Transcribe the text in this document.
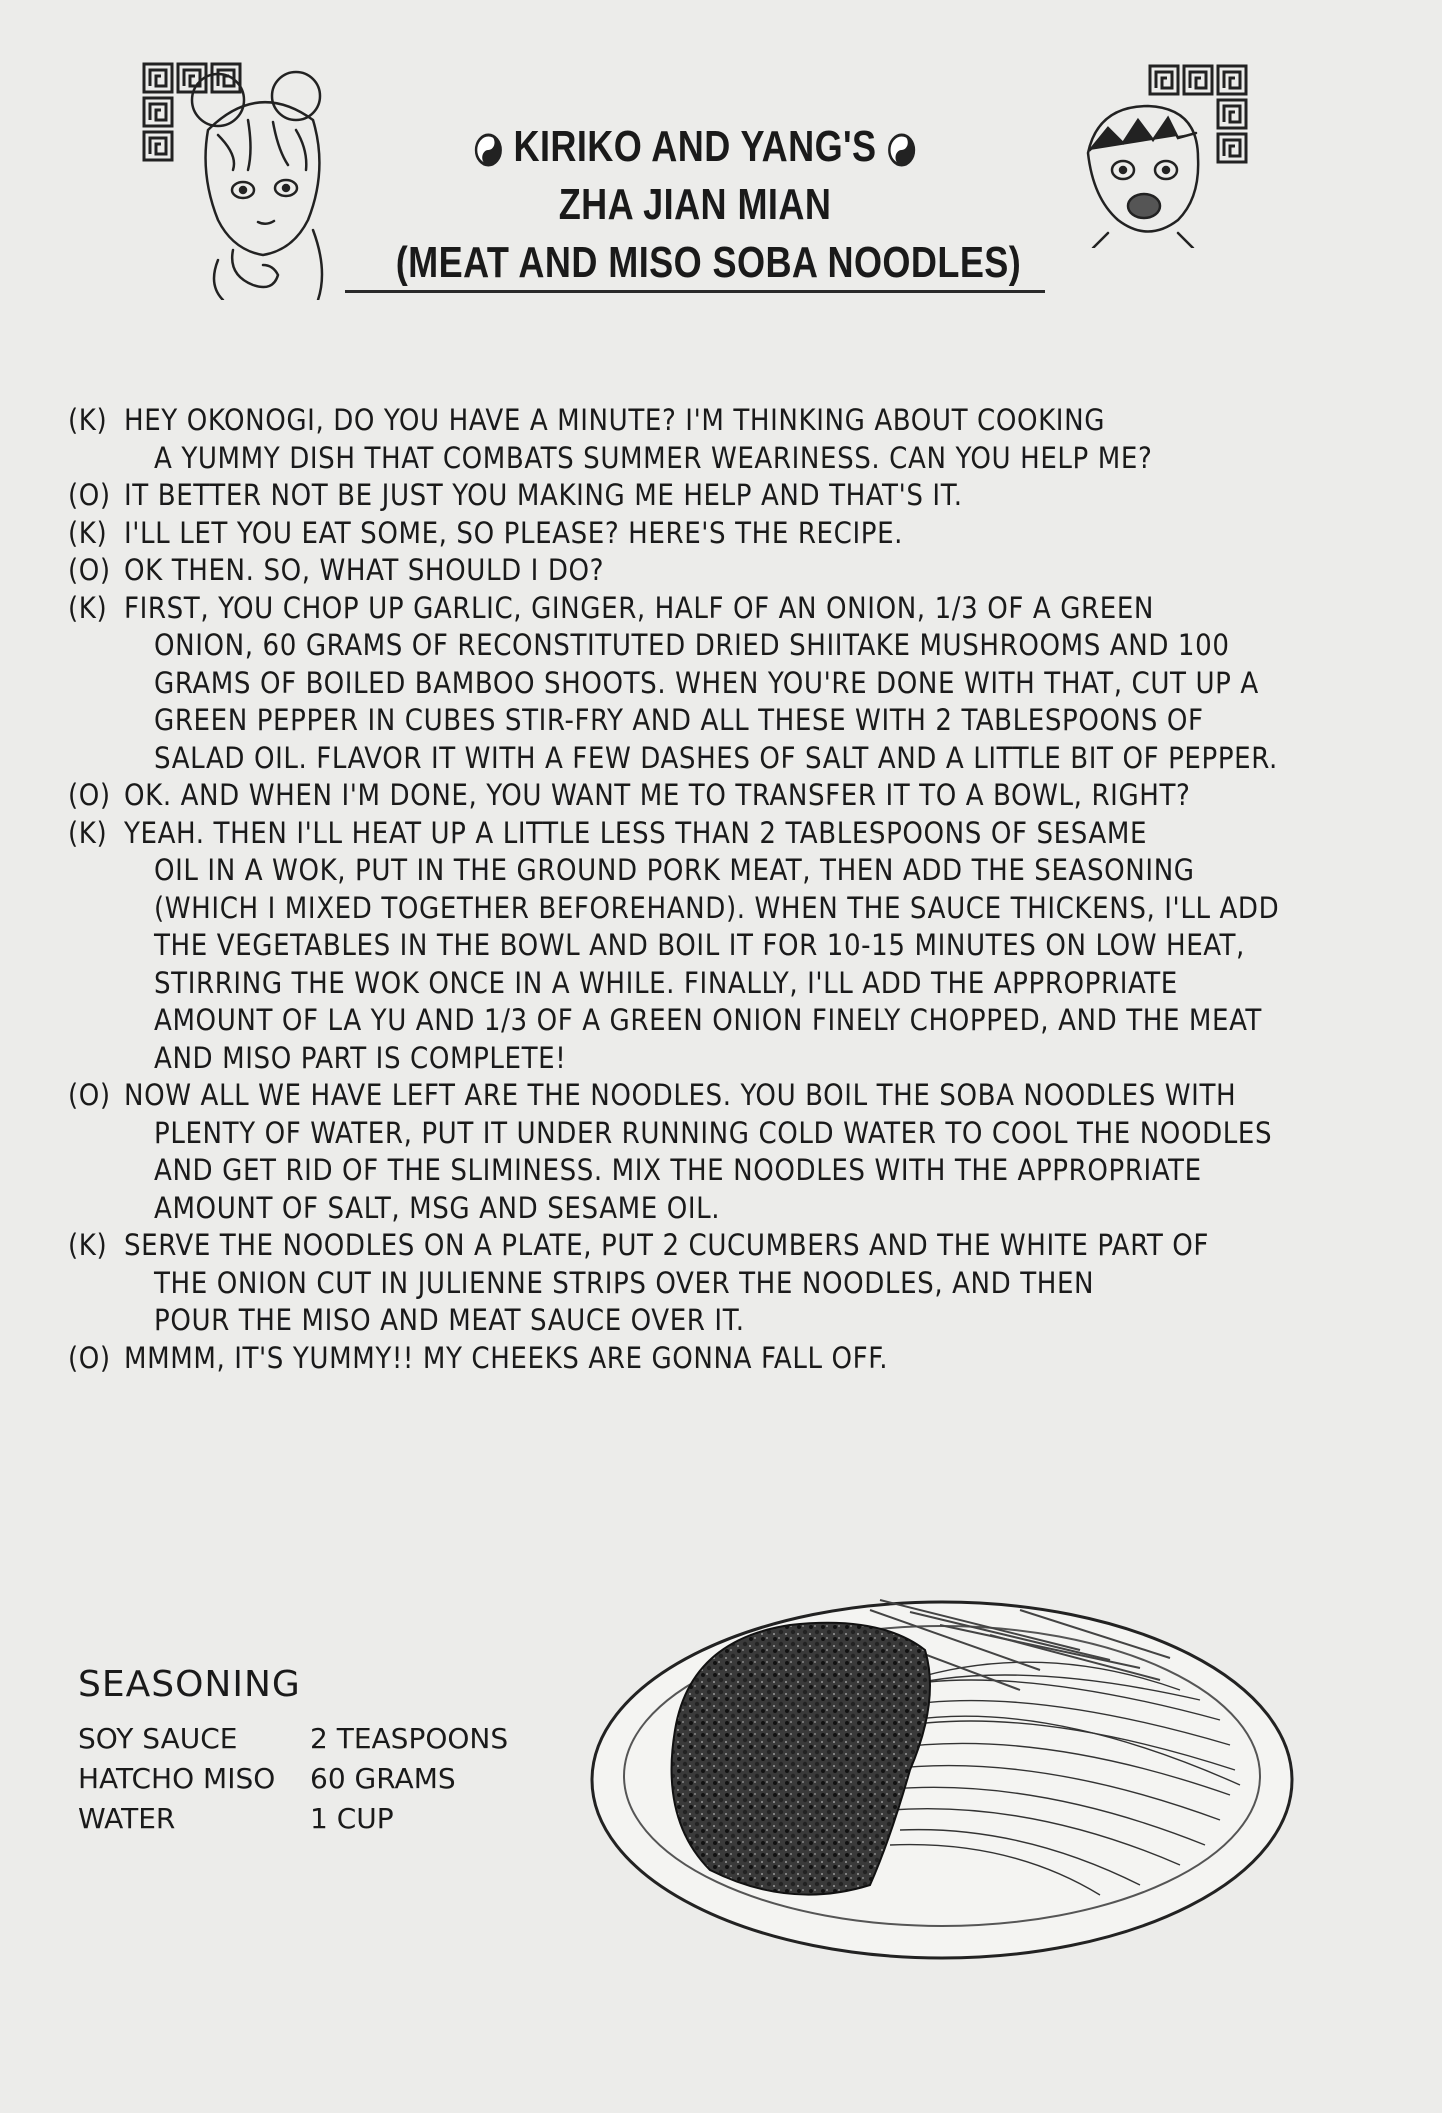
KIRIKO AND YANG'S
ZHA JIAN MIAN
(MEAT AND MISO SOBA NOODLES)
(K) HEY OKONOGI, DO YOU HAVE A MINUTE? I'M THINKING ABOUT COOKING
A YUMMY DISH THAT COMBATS SUMMER WEARINESS. CAN YOU HELP ME?
(O) IT BETTER NOT BE JUST YOU MAKING ME HELP AND THAT'S IT.
(K) I'LL LET YOU EAT SOME, SO PLEASE? HERE'S THE RECIPE.
(O) OK THEN. SO, WHAT SHOULD I DO?
(K) FIRST, YOU CHOP UP GARLIC, GINGER, HALF OF AN ONION, 1/3 OF A GREEN
ONION, 60 GRAMS OF RECONSTITUTED DRIED SHIITAKE MUSHROOMS AND 100
GRAMS OF BOILED BAMBOO SHOOTS. WHEN YOU'RE DONE WITH THAT, CUT UP A
GREEN PEPPER IN CUBES STIR-FRY AND ALL THESE WITH 2 TABLESPOONS OF
SALAD OIL. FLAVOR IT WITH A FEW DASHES OF SALT AND A LITTLE BIT OF PEPPER.
(O) OK. AND WHEN I'M DONE, YOU WANT ME TO TRANSFER IT TO A BOWL, RIGHT?
(K) YEAH. THEN I'LL HEAT UP A LITTLE LESS THAN 2 TABLESPOONS OF SESAME
OIL IN A WOK, PUT IN THE GROUND PORK MEAT, THEN ADD THE SEASONING
(WHICH I MIXED TOGETHER BEFOREHAND). WHEN THE SAUCE THICKENS, I'LL ADD
THE VEGETABLES IN THE BOWL AND BOIL IT FOR 10-15 MINUTES ON LOW HEAT,
STIRRING THE WOK ONCE IN A WHILE. FINALLY, I'LL ADD THE APPROPRIATE
AMOUNT OF LA YU AND 1/3 OF A GREEN ONION FINELY CHOPPED, AND THE MEAT
AND MISO PART IS COMPLETE!
(O) NOW ALL WE HAVE LEFT ARE THE NOODLES. YOU BOIL THE SOBA NOODLES WITH
PLENTY OF WATER, PUT IT UNDER RUNNING COLD WATER TO COOL THE NOODLES
AND GET RID OF THE SLIMINESS. MIX THE NOODLES WITH THE APPROPRIATE
AMOUNT OF SALT, MSG AND SESAME OIL.
(K) SERVE THE NOODLES ON A PLATE, PUT 2 CUCUMBERS AND THE WHITE PART OF
THE ONION CUT IN JULIENNE STRIPS OVER THE NOODLES, AND THEN
POUR THE MISO AND MEAT SAUCE OVER IT.
(O) MMMM, IT'S YUMMY!! MY CHEEKS ARE GONNA FALL OFF.
SEASONING
SOY SAUCE	2 TEASPOONS
HATCHO MISO	60 GRAMS
WATER	1 CUP
